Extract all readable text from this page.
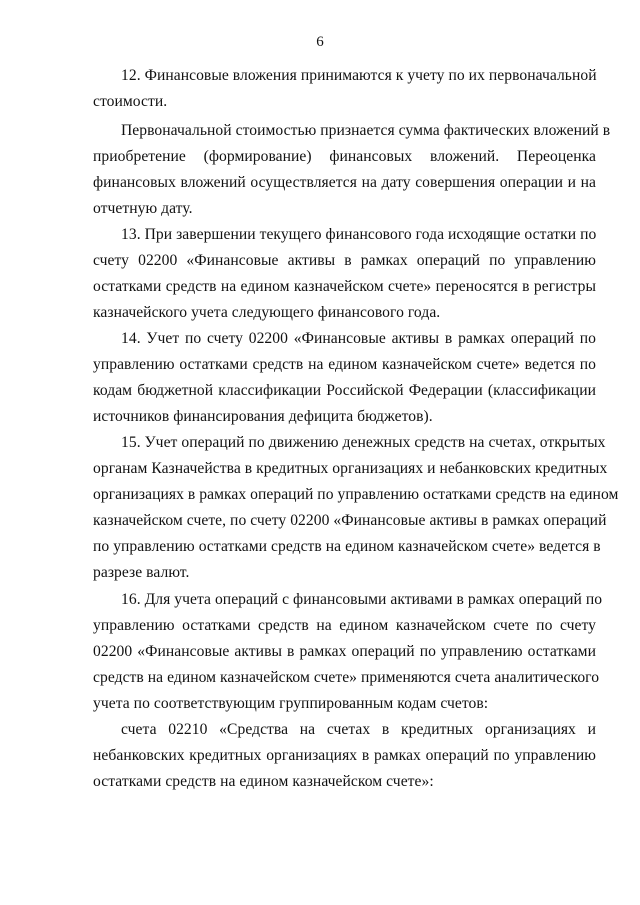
6
12. Финансовые вложения принимаются к учету по их первоначальной
стоимости.
Первоначальной стоимостью признается сумма фактических вложений в
приобретение (формирование) финансовых вложений. Переоценка
финансовых вложений осуществляется на дату совершения операции и на
отчетную дату.
13. При завершении текущего финансового года исходящие остатки по
счету 02200 «Финансовые активы в рамках операций по управлению
остатками средств на едином казначейском счете» переносятся в регистры
казначейского учета следующего финансового года.
14. Учет по счету 02200 «Финансовые активы в рамках операций по
управлению остатками средств на едином казначейском счете» ведется по
кодам бюджетной классификации Российской Федерации (классификации
источников финансирования дефицита бюджетов).
15. Учет операций по движению денежных средств на счетах, открытых
органам Казначейства в кредитных организациях и небанковских кредитных
организациях в рамках операций по управлению остатками средств на едином
казначейском счете, по счету 02200 «Финансовые активы в рамках операций
по управлению остатками средств на едином казначейском счете» ведется в
разрезе валют.
16. Для учета операций с финансовыми активами в рамках операций по
управлению остатками средств на едином казначейском счете по счету
02200 «Финансовые активы в рамках операций по управлению остатками
средств на едином казначейском счете» применяются счета аналитического
учета по соответствующим группированным кодам счетов:
счета 02210 «Средства на счетах в кредитных организациях и
небанковских кредитных организациях в рамках операций по управлению
остатками средств на едином казначейском счете»:
